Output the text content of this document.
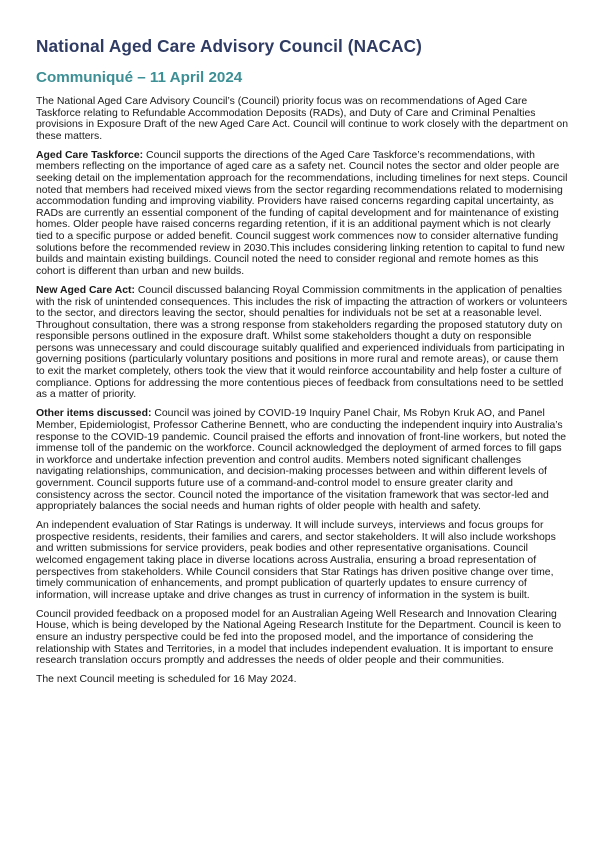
National Aged Care Advisory Council (NACAC)
Communiqué – 11 April 2024

The National Aged Care Advisory Council’s (Council) priority focus was on recommendations of Aged Care Taskforce relating to Refundable Accommodation Deposits (RADs), and Duty of Care and Criminal Penalties provisions in Exposure Draft of the new Aged Care Act. Council will continue to work closely with the department on these matters.

Aged Care Taskforce: Council supports the directions of the Aged Care Taskforce’s recommendations, with members reflecting on the importance of aged care as a safety net. Council notes the sector and older people are seeking detail on the implementation approach for the recommendations, including timelines for next steps. Council noted that members had received mixed views from the sector regarding recommendations related to modernising accommodation funding and improving viability. Providers have raised concerns regarding capital uncertainty, as RADs are currently an essential component of the funding of capital development and for maintenance of existing homes. Older people have raised concerns regarding retention, if it is an additional payment which is not clearly tied to a specific purpose or added benefit. Council suggest work commences now to consider alternative funding solutions before the recommended review in 2030.This includes considering linking retention to capital to fund new builds and maintain existing buildings. Council noted the need to consider regional and remote homes as this cohort is different than urban and new builds.

New Aged Care Act: Council discussed balancing Royal Commission commitments in the application of penalties with the risk of unintended consequences. This includes the risk of impacting the attraction of workers or volunteers to the sector, and directors leaving the sector, should penalties for individuals not be set at a reasonable level. Throughout consultation, there was a strong response from stakeholders regarding the proposed statutory duty on responsible persons outlined in the exposure draft. Whilst some stakeholders thought a duty on responsible persons was unnecessary and could discourage suitably qualified and experienced individuals from participating in governing positions (particularly voluntary positions and positions in more rural and remote areas), or cause them to exit the market completely, others took the view that it would reinforce accountability and help foster a culture of compliance. Options for addressing the more contentious pieces of feedback from consultations need to be settled as a matter of priority.

Other items discussed: Council was joined by COVID-19 Inquiry Panel Chair, Ms Robyn Kruk AO, and Panel Member, Epidemiologist, Professor Catherine Bennett, who are conducting the independent inquiry into Australia’s response to the COVID-19 pandemic. Council praised the efforts and innovation of front-line workers, but noted the immense toll of the pandemic on the workforce. Council acknowledged the deployment of armed forces to fill gaps in workforce and undertake infection prevention and control audits. Members noted significant challenges navigating relationships, communication, and decision-making processes between and within different levels of government. Council supports future use of a command-and-control model to ensure greater clarity and consistency across the sector. Council noted the importance of the visitation framework that was sector-led and appropriately balances the social needs and human rights of older people with health and safety.

An independent evaluation of Star Ratings is underway. It will include surveys, interviews and focus groups for prospective residents, residents, their families and carers, and sector stakeholders. It will also include workshops and written submissions for service providers, peak bodies and other representative organisations. Council welcomed engagement taking place in diverse locations across Australia, ensuring a broad representation of perspectives from stakeholders. While Council considers that Star Ratings has driven positive change over time, timely communication of enhancements, and prompt publication of quarterly updates to ensure currency of information, will increase uptake and drive changes as trust in currency of information in the system is built.

Council provided feedback on a proposed model for an Australian Ageing Well Research and Innovation Clearing House, which is being developed by the National Ageing Research Institute for the Department. Council is keen to ensure an industry perspective could be fed into the proposed model, and the importance of considering the relationship with States and Territories, in a model that includes independent evaluation. It is important to ensure research translation occurs promptly and addresses the needs of older people and their communities.

The next Council meeting is scheduled for 16 May 2024.
